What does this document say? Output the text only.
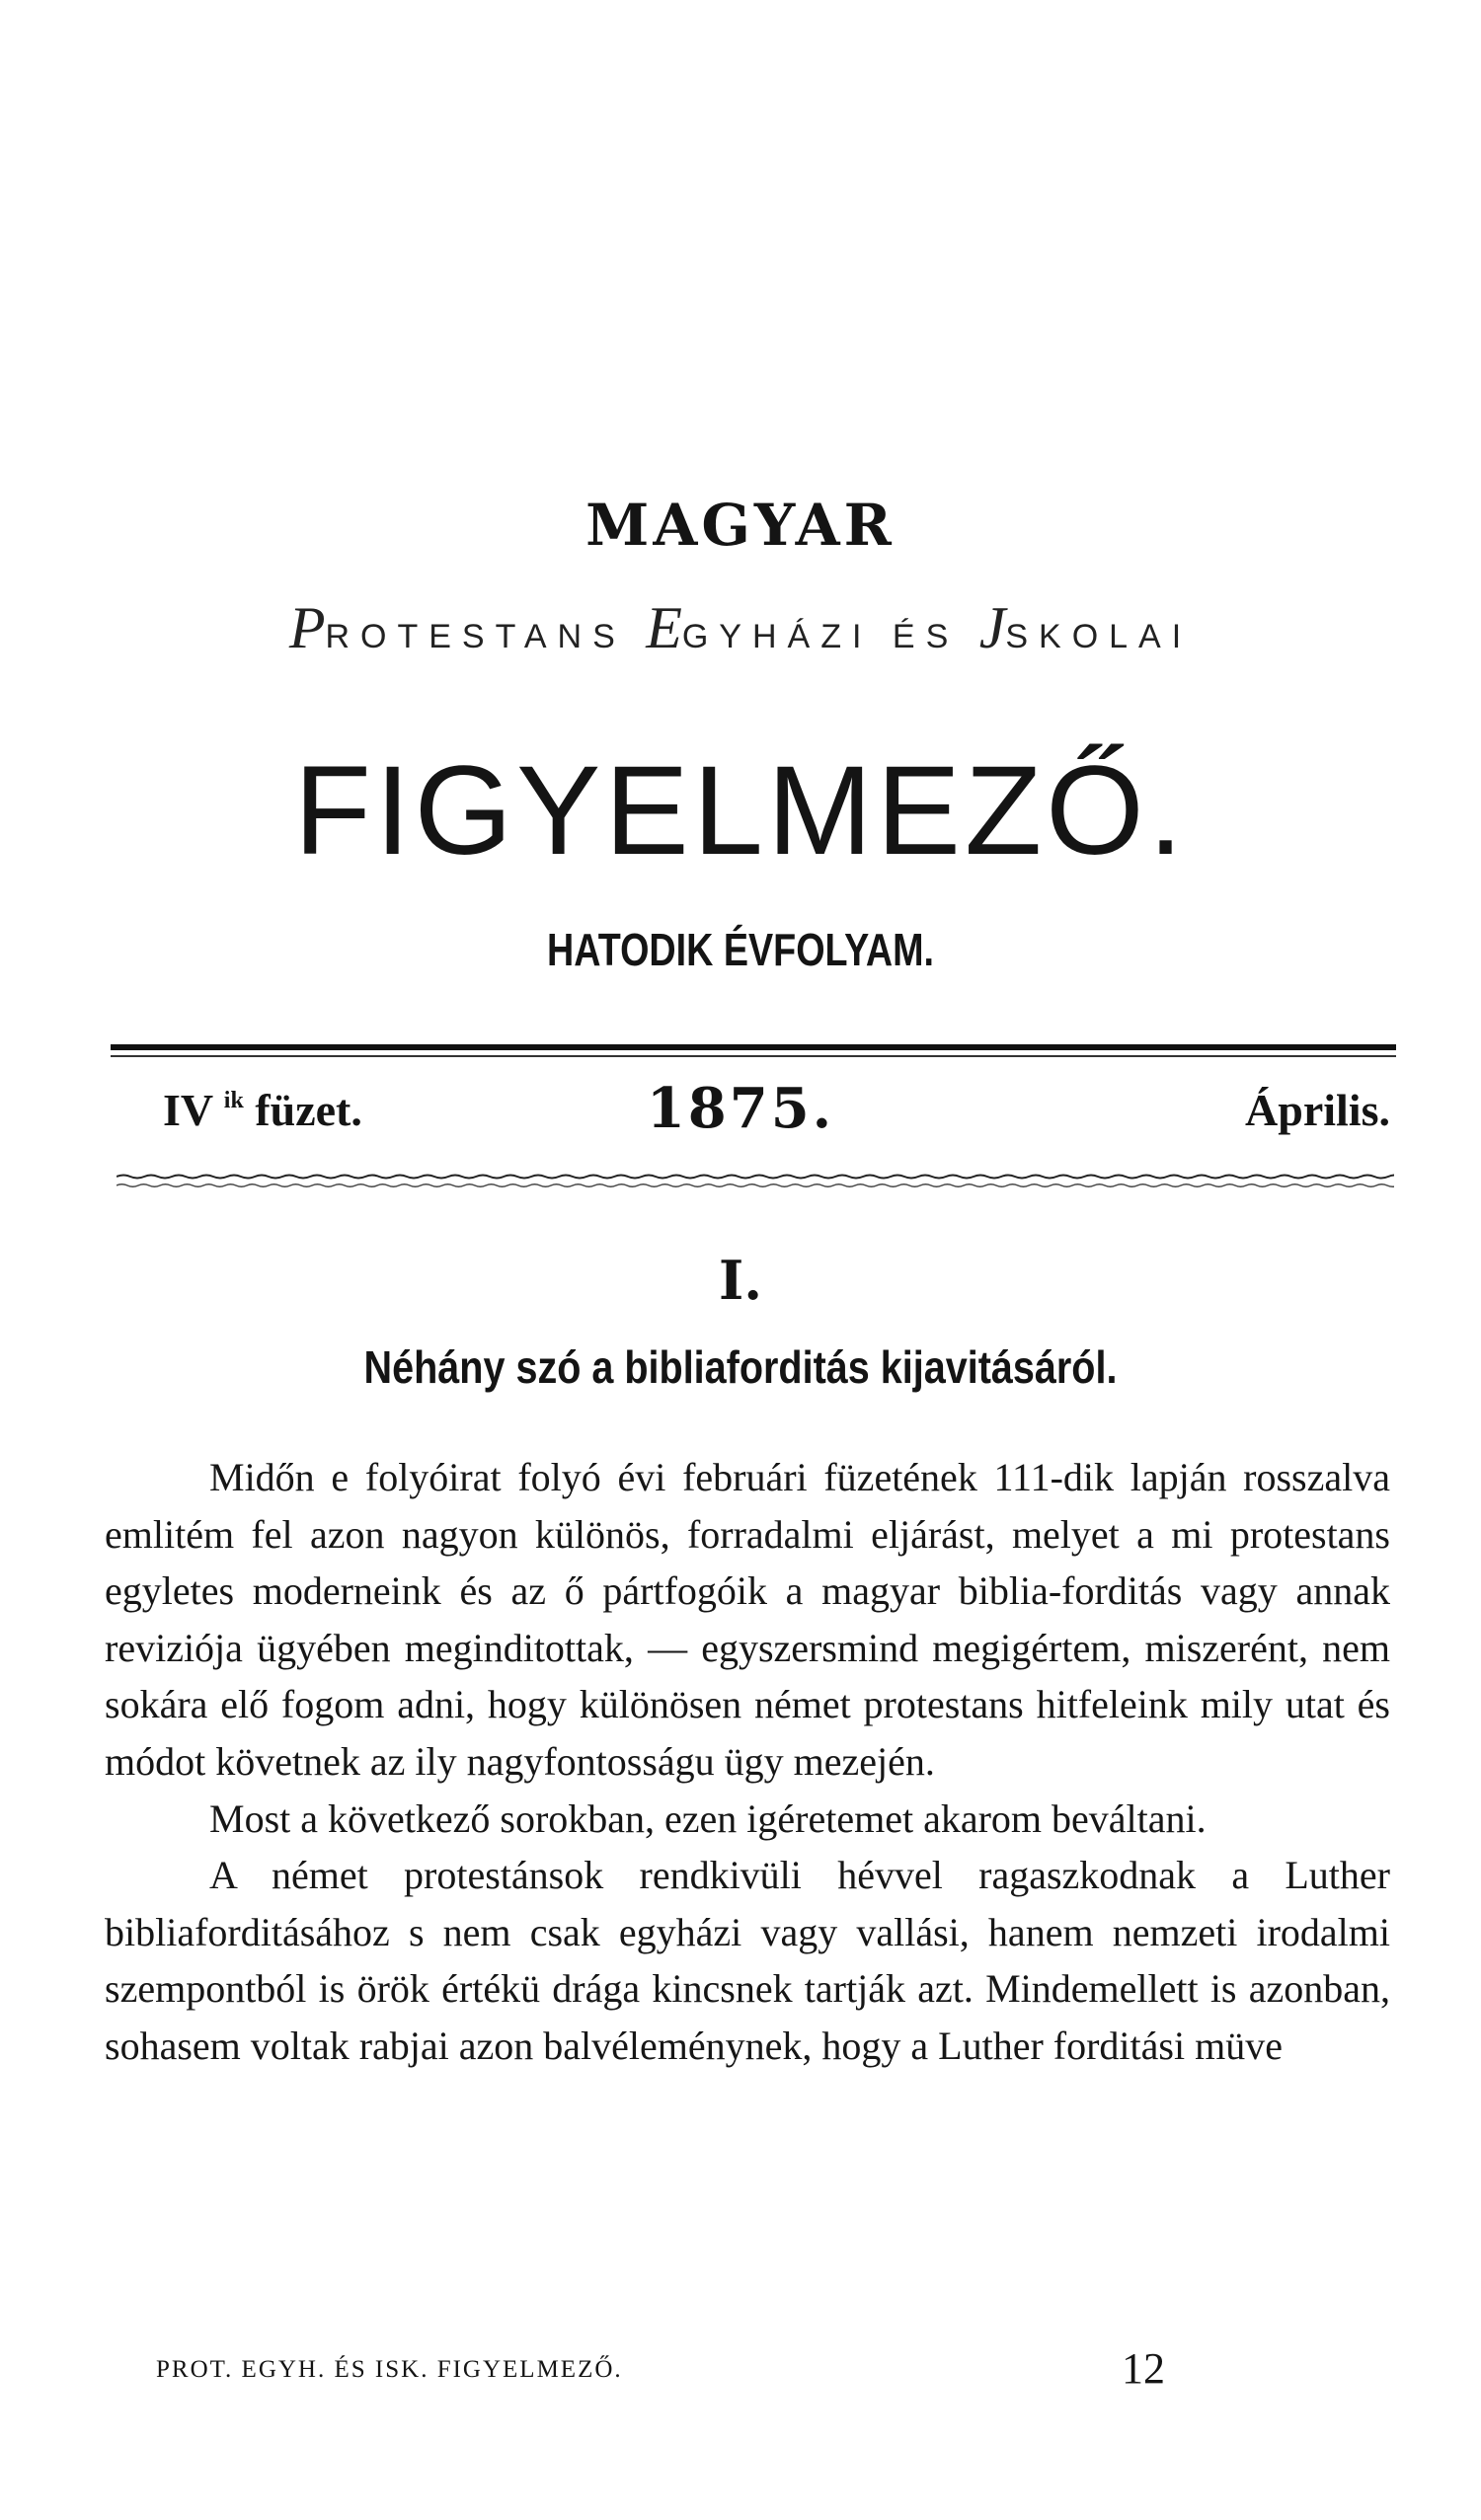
MAGYAR
PROTESTANS EGYHÁZI ÉS JSKOLAI
FIGYELMEZŐ.
HATODIK ÉVFOLYAM.
IV $^{ik}$ füzet.	1875.	Április.
I.
Néhány szó a bibliaforditás kijavitásáról.

Midőn e folyóirat folyó évi februári füzetének 111-dik lapján rosszalva emlitém fel azon nagyon különös, forradalmi eljárást, melyet a mi protestans egyletes moderneink és az ő pártfogóik a magyar biblia-forditás vagy annak reviziója ügyében meginditottak, — egyszersmind megigértem, miszerént, nem sokára elő fogom adni, hogy különösen német protestans hitfeleink mily utat és módot követnek az ily nagyfontosságu ügy mezején.

Most a következő sorokban, ezen igéretemet akarom beváltani.

A német protestánsok rendkivüli hévvel ragaszkodnak a Luther bibliaforditásához s nem csak egyházi vagy vallási, hanem nemzeti irodalmi szempontból is örök értékü drága kincsnek tartják azt. Mindemellett is azonban, sohasem voltak rabjai azon balvéleménynek, hogy a Luther forditási müve

PROT. EGYH. ÉS ISK. FIGYELMEZŐ.	12
